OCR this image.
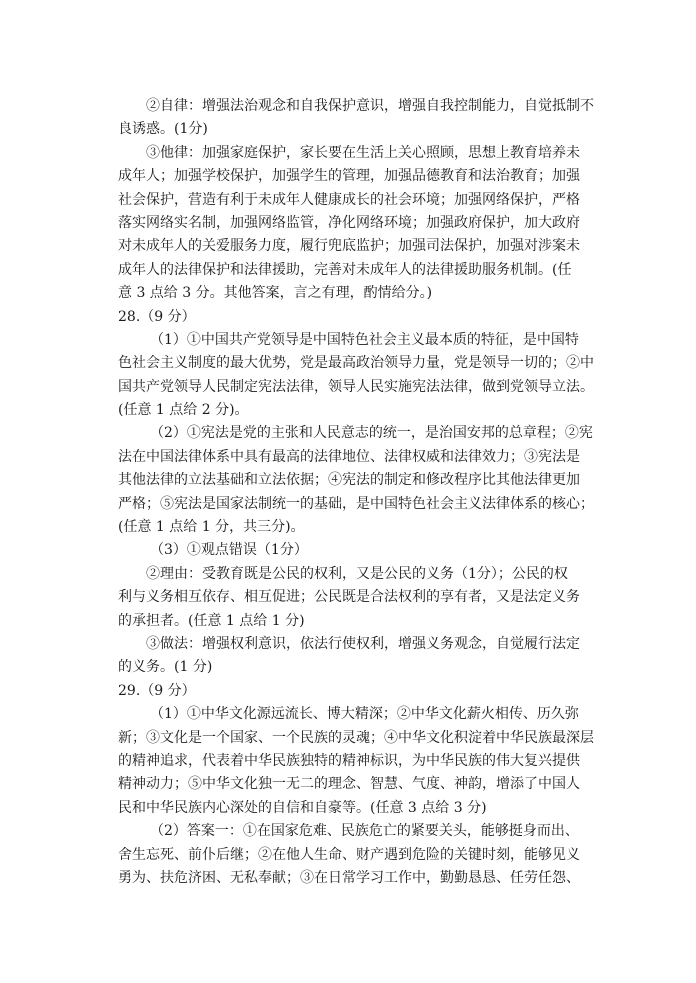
②自律：增强法治观念和自我保护意识，增强自我控制能力，自觉抵制不
良诱惑。(1分)
③他律：加强家庭保护，家长要在生活上关心照顾，思想上教育培养未
成年人；加强学校保护，加强学生的管理，加强品德教育和法治教育；加强
社会保护，营造有利于未成年人健康成长的社会环境；加强网络保护，严格
落实网络实名制，加强网络监管，净化网络环境；加强政府保护，加大政府
对未成年人的关爱服务力度，履行兜底监护；加强司法保护，加强对涉案未
成年人的法律保护和法律援助，完善对未成年人的法律援助服务机制。(任
意 3 点给 3 分。其他答案，言之有理，酌情给分。)
28.（9 分）
（1）①中国共产党领导是中国特色社会主义最本质的特征，是中国特
色社会主义制度的最大优势，党是最高政治领导力量，党是领导一切的；②中
国共产党领导人民制定宪法法律，领导人民实施宪法法律，做到党领导立法。
(任意 1 点给 2 分)。
（2）①宪法是党的主张和人民意志的统一，是治国安邦的总章程；②宪
法在中国法律体系中具有最高的法律地位、法律权威和法律效力；③宪法是
其他法律的立法基础和立法依据；④宪法的制定和修改程序比其他法律更加
严格；⑤宪法是国家法制统一的基础，是中国特色社会主义法律体系的核心；
(任意 1 点给 1 分，共三分)。
（3）①观点错误（1分）
②理由：受教育既是公民的权利，又是公民的义务（1分）；公民的权
利与义务相互依存、相互促进；公民既是合法权利的享有者，又是法定义务
的承担者。(任意 1 点给 1 分)
③做法：增强权利意识，依法行使权利，增强义务观念，自觉履行法定
的义务。(1 分)
29.（9 分）
（1）①中华文化源远流长、博大精深；②中华文化薪火相传、历久弥
新；③文化是一个国家、一个民族的灵魂；④中华文化积淀着中华民族最深层
的精神追求，代表着中华民族独特的精神标识，为中华民族的伟大复兴提供
精神动力；⑤中华文化独一无二的理念、智慧、气度、神韵，增添了中国人
民和中华民族内心深处的自信和自豪等。(任意 3 点给 3 分)
（2）答案一：①在国家危难、民族危亡的紧要关头，能够挺身而出、
舍生忘死、前仆后继；②在他人生命、财产遇到危险的关键时刻，能够见义
勇为、扶危济困、无私奉献；③在日常学习工作中，勤勤恳恳、任劳任怨、
